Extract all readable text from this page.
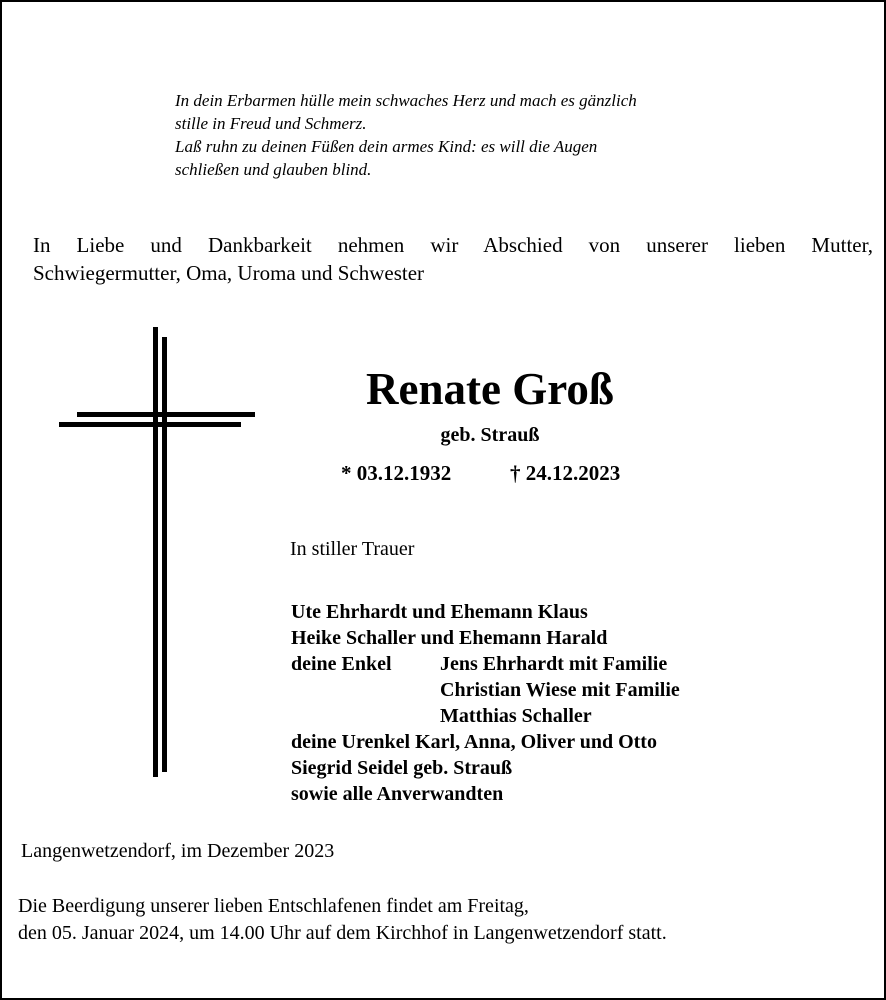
In dein Erbarmen hülle mein schwaches Herz und mach es gänzlich
stille in Freud und Schmerz.
Laß ruhn zu deinen Füßen dein armes Kind: es will die Augen
schließen und glauben blind.
In Liebe und Dankbarkeit nehmen wir Abschied von unserer lieben Mutter,
Schwiegermutter, Oma, Uroma und Schwester
Renate Groß
geb. Strauß
* 03.12.1932	† 24.12.2023
In stiller Trauer
Ute Ehrhardt und Ehemann Klaus
Heike Schaller und Ehemann Harald
deine Enkel Jens Ehrhardt mit Familie
Christian Wiese mit Familie
Matthias Schaller
deine Urenkel Karl, Anna, Oliver und Otto
Siegrid Seidel geb. Strauß
sowie alle Anverwandten
Langenwetzendorf, im Dezember 2023
Die Beerdigung unserer lieben Entschlafenen findet am Freitag,
den 05. Januar 2024, um 14.00 Uhr auf dem Kirchhof in Langenwetzendorf statt.
